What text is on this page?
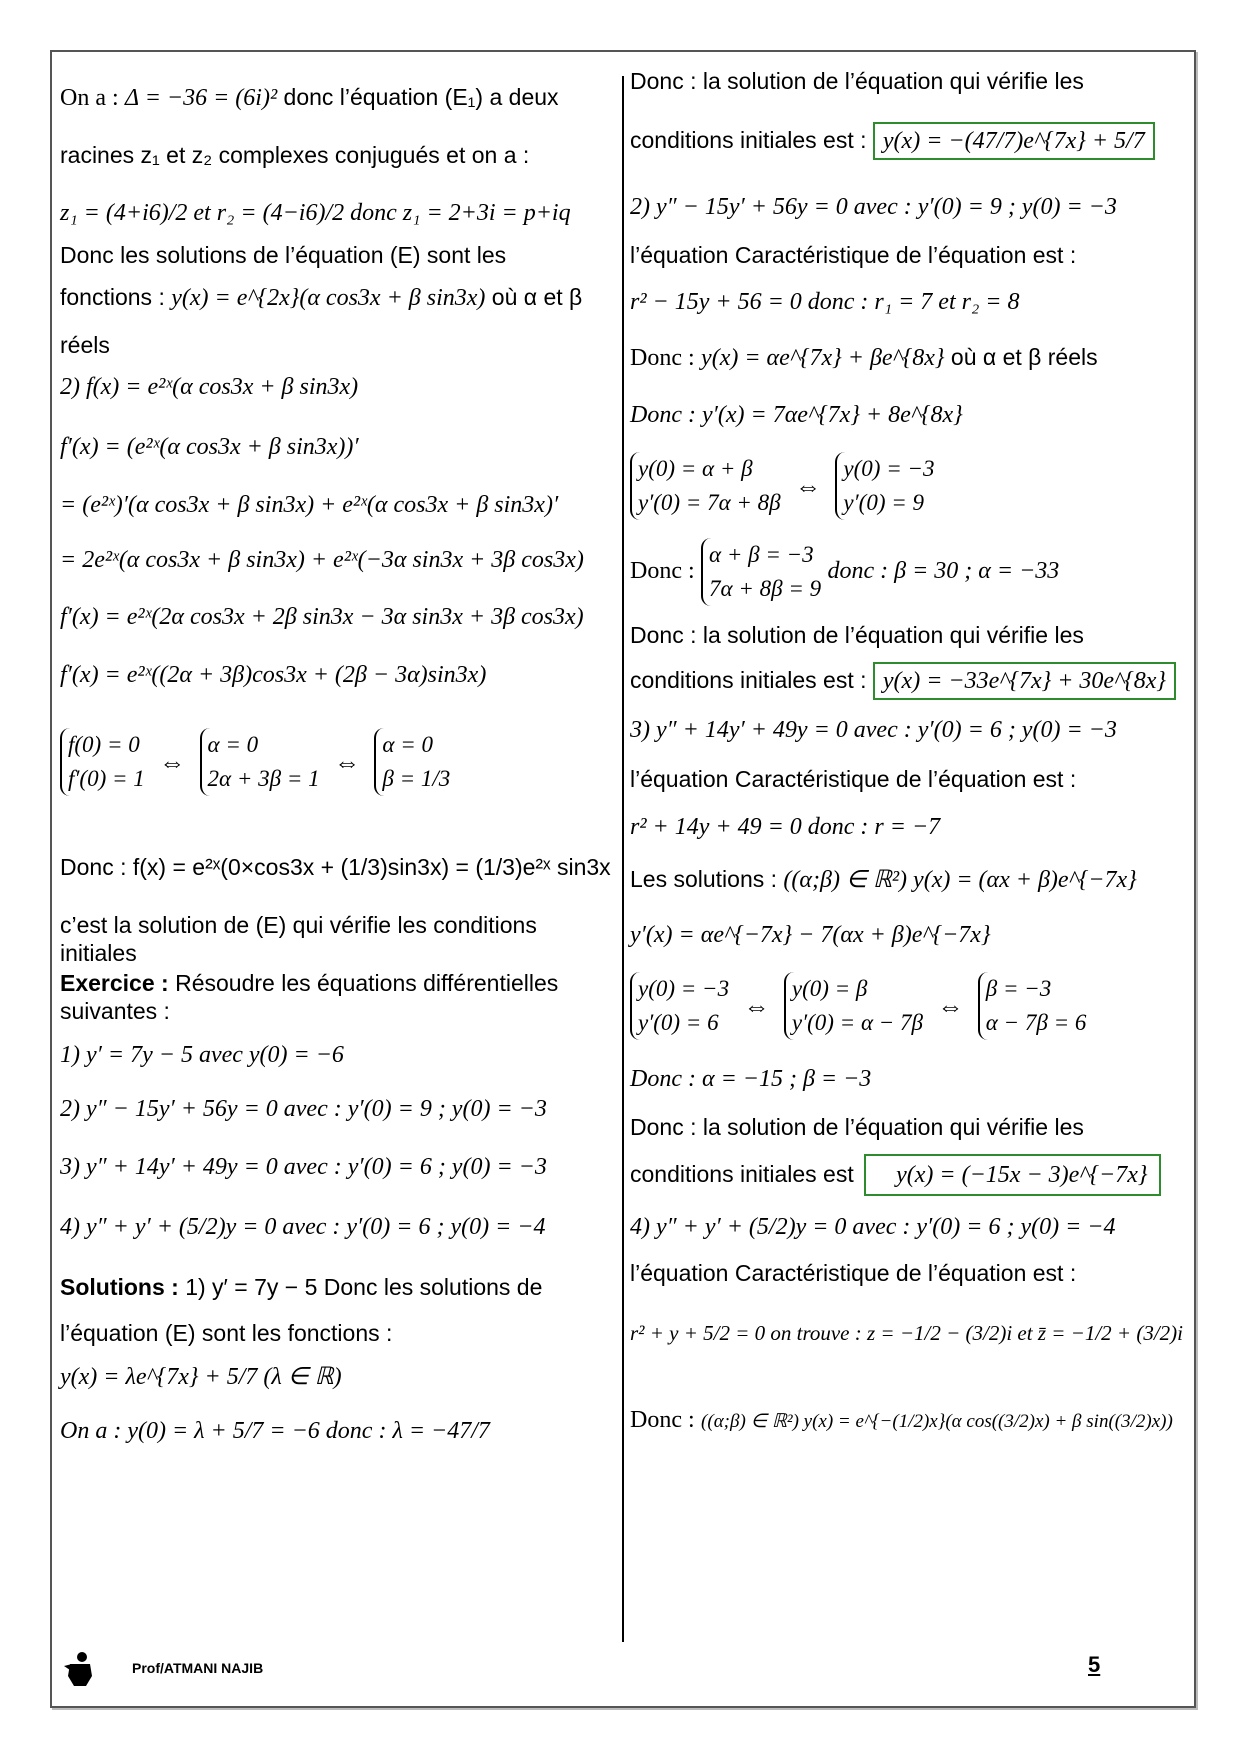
On a : Δ = −36 = (6i)² donc l’équation (E₁) a deux
racines z₁ et z₂ complexes conjugués et on a :
z₁ = (4+i6)/2 et r₂ = (4−i6)/2 donc z₁ = 2+3i = p+iq
Donc les solutions de l’équation (E) sont les
fonctions : y(x) = e^{2x}(α cos3x + β sin3x) où α et β
réels
2) f(x) = e²ˣ(α cos3x + β sin3x)
f′(x) = (e²ˣ(α cos3x + β sin3x))′
= (e²ˣ)′(α cos3x + β sin3x) + e²ˣ(α cos3x + β sin3x)′
= 2e²ˣ(α cos3x + β sin3x) + e²ˣ(−3α sin3x + 3β cos3x)
f′(x) = e²ˣ(2α cos3x + 2β sin3x − 3α sin3x + 3β cos3x)
f′(x) = e²ˣ((2α + 3β)cos3x + (2β − 3α)sin3x)
f(0) = 0
f′(0) = 1 ⇔ α = 0
2α + 3β = 1 ⇔ α = 0
β = 1/3
Donc : f(x) = e²ˣ(0×cos3x + (1/3)sin3x) = (1/3)e²ˣ sin3x
c’est la solution de (E) qui vérifie les conditions
initiales
Exercice : Résoudre les équations différentielles
suivantes :
1) y′ = 7y − 5 avec y(0) = −6
2) y″ − 15y′ + 56y = 0 avec : y′(0) = 9 ; y(0) = −3
3) y″ + 14y′ + 49y = 0 avec : y′(0) = 6 ; y(0) = −3
4) y″ + y′ + (5/2)y = 0 avec : y′(0) = 6 ; y(0) = −4
Solutions : 1) y′ = 7y − 5 Donc les solutions de
l’équation (E) sont les fonctions :
y(x) = λe^{7x} + 5/7 (λ ∈ ℝ)
On a : y(0) = λ + 5/7 = −6 donc : λ = −47/7
Donc : la solution de l’équation qui vérifie les
conditions initiales est : y(x) = −(47/7)e^{7x} + 5/7
2) y″ − 15y′ + 56y = 0 avec : y′(0) = 9 ; y(0) = −3
l’équation Caractéristique de l’équation est :
r² − 15y + 56 = 0 donc : r₁ = 7 et r₂ = 8
Donc : y(x) = αe^{7x} + βe^{8x} où α et β réels
Donc : y′(x) = 7αe^{7x} + 8e^{8x}
y(0) = α + β
y′(0) = 7α + 8β ⇔ y(0) = −3
y′(0) = 9
Donc : α + β = −3
7α + 8β = 9 donc : β = 30 ; α = −33
Donc : la solution de l’équation qui vérifie les
conditions initiales est : y(x) = −33e^{7x} + 30e^{8x}
3) y″ + 14y′ + 49y = 0 avec : y′(0) = 6 ; y(0) = −3
l’équation Caractéristique de l’équation est :
r² + 14y + 49 = 0 donc : r = −7
Les solutions : ((α;β) ∈ ℝ²) y(x) = (αx + β)e^{−7x}
y′(x) = αe^{−7x} − 7(αx + β)e^{−7x}
y(0) = −3
y′(0) = 6 ⇔ y(0) = β
y′(0) = α − 7β ⇔ β = −3
α − 7β = 6
Donc : α = −15 ; β = −3
Donc : la solution de l’équation qui vérifie les
conditions initiales est y(x) = (−15x − 3)e^{−7x}
4) y″ + y′ + (5/2)y = 0 avec : y′(0) = 6 ; y(0) = −4
l’équation Caractéristique de l’équation est :
r² + y + 5/2 = 0 on trouve : z = −1/2 − (3/2)i et z̄ = −1/2 + (3/2)i
Donc : ((α;β) ∈ ℝ²) y(x) = e^{−(1/2)x}(α cos((3/2)x) + β sin((3/2)x))
Prof/ATMANI NAJIB	5
